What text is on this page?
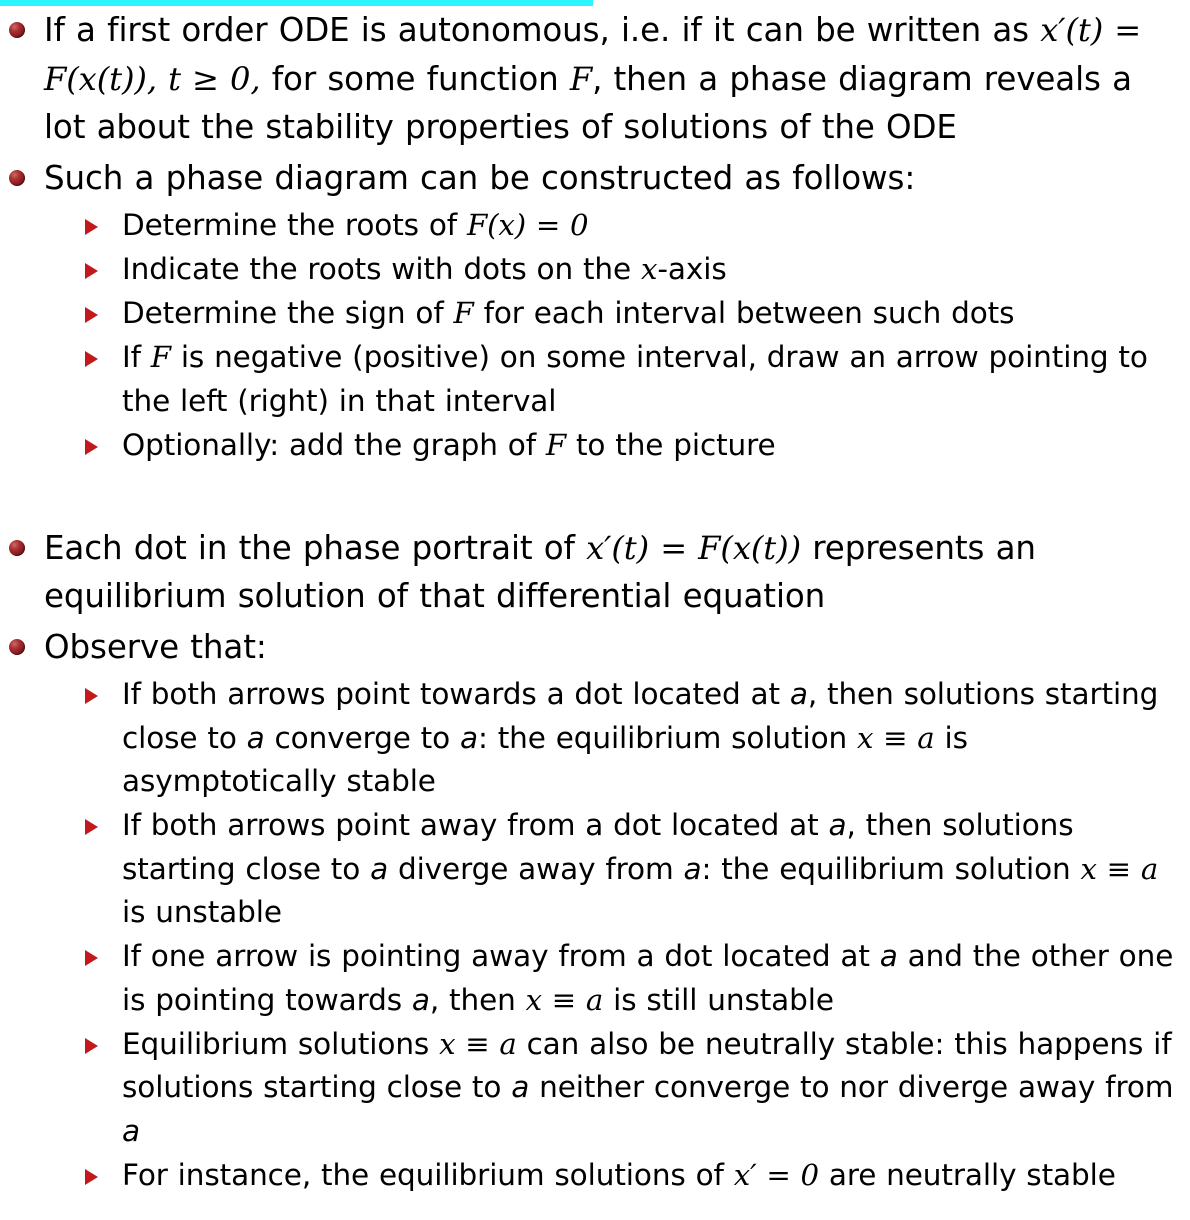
If a first order ODE is autonomous, i.e. if it can be written as x′(t) = F(x(t)), t ≥ 0, for some function F, then a phase diagram reveals a lot about the stability properties of solutions of the ODE
Such a phase diagram can be constructed as follows:
Determine the roots of F(x) = 0
Indicate the roots with dots on the x-axis
Determine the sign of F for each interval between such dots
If F is negative (positive) on some interval, draw an arrow pointing to the left (right) in that interval
Optionally: add the graph of F to the picture
Each dot in the phase portrait of x′(t) = F(x(t)) represents an equilibrium solution of that differential equation
Observe that:
If both arrows point towards a dot located at a, then solutions starting close to a converge to a: the equilibrium solution x ≡ a is asymptotically stable
If both arrows point away from a dot located at a, then solutions starting close to a diverge away from a: the equilibrium solution x ≡ a is unstable
If one arrow is pointing away from a dot located at a and the other one is pointing towards a, then x ≡ a is still unstable
Equilibrium solutions x ≡ a can also be neutrally stable: this happens if solutions starting close to a neither converge to nor diverge away from a
For instance, the equilibrium solutions of x′ = 0 are neutrally stable
